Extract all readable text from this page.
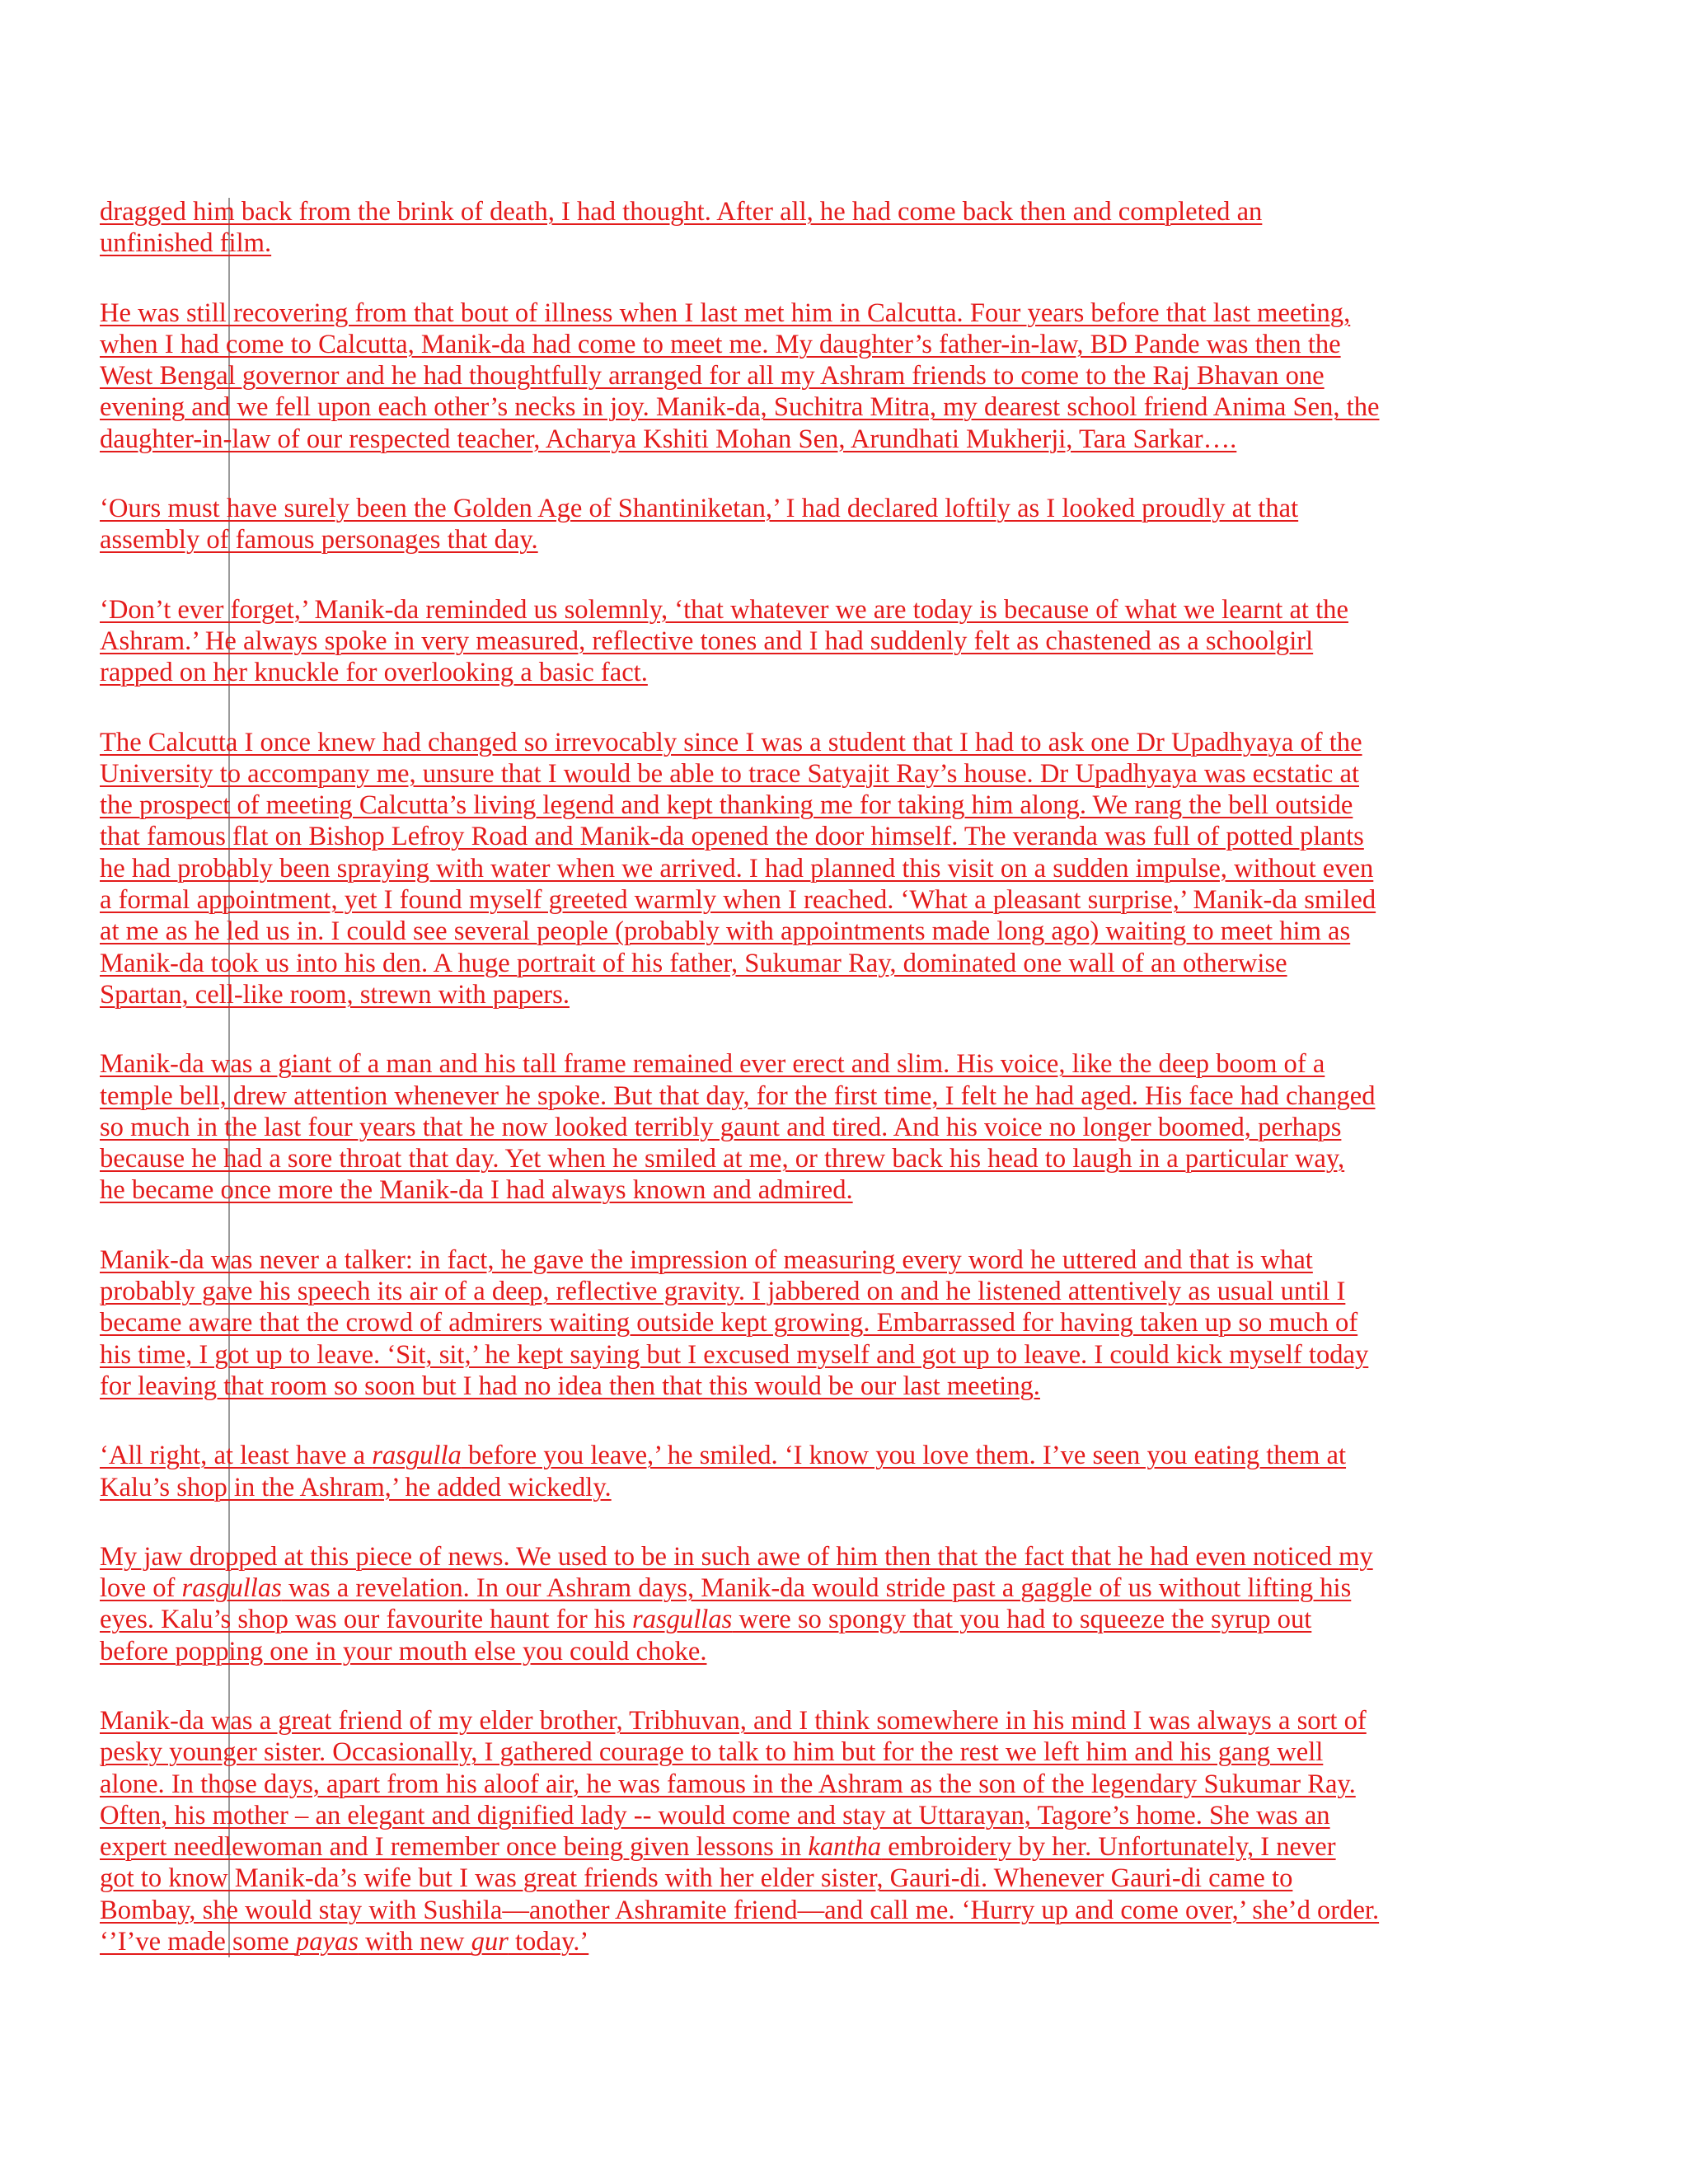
dragged him back from the brink of death, I had thought. After all, he had come back then and completed an
unfinished film.

He was still recovering from that bout of illness when I last met him in Calcutta. Four years before that last meeting,
when I had come to Calcutta, Manik-da had come to meet me. My daughter’s father-in-law, BD Pande was then the
West Bengal governor and he had thoughtfully arranged for all my Ashram friends to come to the Raj Bhavan one
evening and we fell upon each other’s necks in joy. Manik-da, Suchitra Mitra, my dearest school friend Anima Sen, the
daughter-in-law of our respected teacher, Acharya Kshiti Mohan Sen, Arundhati Mukherji, Tara Sarkar….

‘Ours must have surely been the Golden Age of Shantiniketan,’ I had declared loftily as I looked proudly at that
assembly of famous personages that day.

‘Don’t ever forget,’ Manik-da reminded us solemnly, ‘that whatever we are today is because of what we learnt at the
Ashram.’ He always spoke in very measured, reflective tones and I had suddenly felt as chastened as a schoolgirl
rapped on her knuckle for overlooking a basic fact.

The Calcutta I once knew had changed so irrevocably since I was a student that I had to ask one Dr Upadhyaya of the
University to accompany me, unsure that I would be able to trace Satyajit Ray’s house. Dr Upadhyaya was ecstatic at
the prospect of meeting Calcutta’s living legend and kept thanking me for taking him along. We rang the bell outside
that famous flat on Bishop Lefroy Road and Manik-da opened the door himself. The veranda was full of potted plants
he had probably been spraying with water when we arrived. I had planned this visit on a sudden impulse, without even
a formal appointment, yet I found myself greeted warmly when I reached. ‘What a pleasant surprise,’ Manik-da smiled
at me as he led us in. I could see several people (probably with appointments made long ago) waiting to meet him as
Manik-da took us into his den. A huge portrait of his father, Sukumar Ray, dominated one wall of an otherwise
Spartan, cell-like room, strewn with papers.

Manik-da was a giant of a man and his tall frame remained ever erect and slim. His voice, like the deep boom of a
temple bell, drew attention whenever he spoke. But that day, for the first time, I felt he had aged. His face had changed
so much in the last four years that he now looked terribly gaunt and tired. And his voice no longer boomed, perhaps
because he had a sore throat that day. Yet when he smiled at me, or threw back his head to laugh in a particular way,
he became once more the Manik-da I had always known and admired.

Manik-da was never a talker: in fact, he gave the impression of measuring every word he uttered and that is what
probably gave his speech its air of a deep, reflective gravity. I jabbered on and he listened attentively as usual until I
became aware that the crowd of admirers waiting outside kept growing. Embarrassed for having taken up so much of
his time, I got up to leave. ‘Sit, sit,’ he kept saying but I excused myself and got up to leave. I could kick myself today
for leaving that room so soon but I had no idea then that this would be our last meeting.

‘All right, at least have a rasgulla before you leave,’ he smiled. ‘I know you love them. I’ve seen you eating them at
Kalu’s shop in the Ashram,’ he added wickedly.

My jaw dropped at this piece of news. We used to be in such awe of him then that the fact that he had even noticed my
love of rasgullas was a revelation. In our Ashram days, Manik-da would stride past a gaggle of us without lifting his
eyes. Kalu’s shop was our favourite haunt for his rasgullas were so spongy that you had to squeeze the syrup out
before popping one in your mouth else you could choke.

Manik-da was a great friend of my elder brother, Tribhuvan, and I think somewhere in his mind I was always a sort of
pesky younger sister. Occasionally, I gathered courage to talk to him but for the rest we left him and his gang well
alone. In those days, apart from his aloof air, he was famous in the Ashram as the son of the legendary Sukumar Ray.
Often, his mother – an elegant and dignified lady -- would come and stay at Uttarayan, Tagore’s home. She was an
expert needlewoman and I remember once being given lessons in kantha embroidery by her. Unfortunately, I never
got to know Manik-da’s wife but I was great friends with her elder sister, Gauri-di. Whenever Gauri-di came to
Bombay, she would stay with Sushila—another Ashramite friend—and call me. ‘Hurry up and come over,’ she’d order.
‘’I’ve made some payas with new gur today.’
